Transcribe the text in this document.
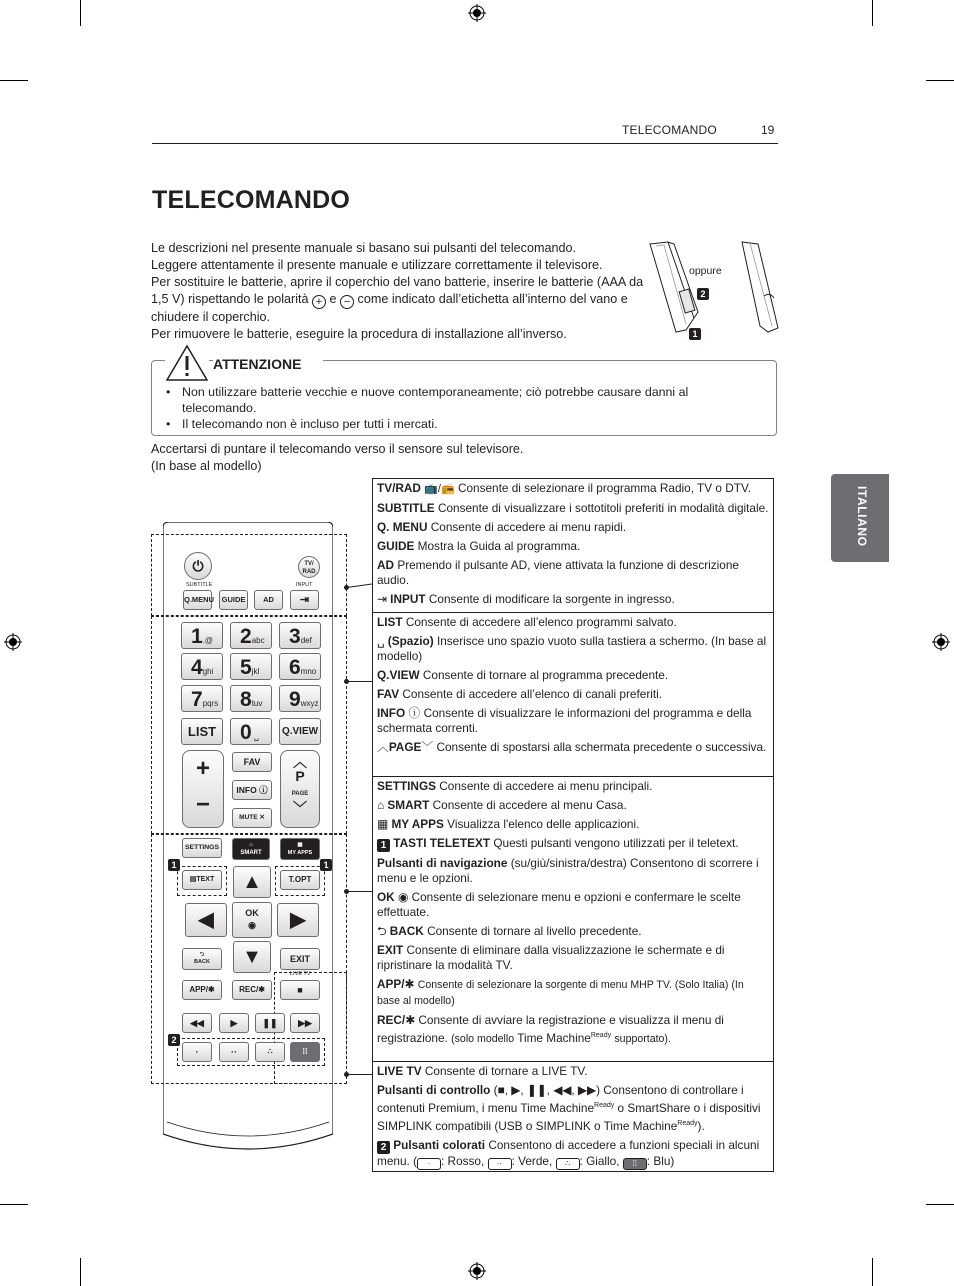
TELECOMANDO	19
TELECOMANDO
ITALIANO

Le descrizioni nel presente manuale si basano sui pulsanti del telecomando.

Leggere attentamente il presente manuale e utilizzare correttamente il televisore.

Per sostituire le batterie, aprire il coperchio del vano batterie, inserire le batterie (AAA da 1,5 V) rispettando le polarità + e − come indicato dall’etichetta all’interno del vano e chiudere il coperchio.

Per rimuovere le batterie, eseguire la procedura di installazione all’inverso.

oppure
2
1
ATTENZIONE
• Non utilizzare batterie vecchie e nuove contemporaneamente; ciò potrebbe causare danni al telecomando.
• Il telecomando non è incluso per tutti i mercati.
Accertarsi di puntare il telecomando verso il sensore sul televisore.
(In base al modello)
⏻
SUBTITLE
TV/ RAD
INPUT
Q.MENU	GUIDE	AD	⇥
1.@	2abc	3def
4ghi	5jkl	6mno
7pqrs	8tuv	9wxyz
LIST	0 ␣	Q.VIEW
+
−
FAV
INFO ⓘ
MUTE ✕
︿
P
PAGE
﹀
SETTINGS	⌂
SMART
▦
MY APPS
1	1
▤TEXT	T.OPT
▲
◀	OK
◉	▶
▼
⮌
BACK	EXIT
LIVE TV
APP/✱	REC/✱	■
◀◀	▶	❚❚	▶▶
2
·	··	∴	⁞⁞

TV/RAD 📺/📻 Consente di selezionare il programma Radio, TV o DTV.

SUBTITLE Consente di visualizzare i sottotitoli preferiti in modalità digitale.

Q. MENU Consente di accedere ai menu rapidi.

GUIDE Mostra la Guida al programma.

AD Premendo il pulsante AD, viene attivata la funzione di descrizione audio.

⇥ INPUT Consente di modificare la sorgente in ingresso.

LIST Consente di accedere all’elenco programmi salvato.

␣ (Spazio) Inserisce uno spazio vuoto sulla tastiera a schermo. (In base al modello)

Q.VIEW Consente di tornare al programma precedente.

FAV Consente di accedere all’elenco di canali preferiti.

INFO ⓘ Consente di visualizzare le informazioni del programma e della schermata correnti.

︿PAGE﹀ Consente di spostarsi alla schermata precedente o successiva.

SETTINGS Consente di accedere ai menu principali.

⌂ SMART Consente di accedere al menu Casa.

▦ MY APPS Visualizza l'elenco delle applicazioni.

1 TASTI TELETEXT Questi pulsanti vengono utilizzati per il teletext.

Pulsanti di navigazione (su/giù/sinistra/destra) Consentono di scorrere i menu e le opzioni.

OK ◉ Consente di selezionare menu e opzioni e confermare le scelte effettuate.

⮌ BACK Consente di tornare al livello precedente.

EXIT Consente di eliminare dalla visualizzazione le schermate e di ripristinare la modalità TV.

APP/✱ Consente di selezionare la sorgente di menu MHP TV. (Solo Italia) (In base al modello)

REC/✱ Consente di avviare la registrazione e visualizza il menu di registrazione. (solo modello Time Machine$^{Ready}$ supportato).

LIVE TV Consente di tornare a LIVE TV.

Pulsanti di controllo (■, ▶, ❚❚, ◀◀, ▶▶) Consentono di controllare i contenuti Premium, i menu Time Machine$^{Ready}$ o SmartShare o i dispositivi SIMPLINK compatibili (USB o SIMPLINK o Time Machine$^{Ready}$).

2 Pulsanti colorati Consentono di accedere a funzioni speciali in alcuni menu. ( · : Rosso, ·· : Verde, ∴ : Giallo, ⁞⁞ : Blu)
